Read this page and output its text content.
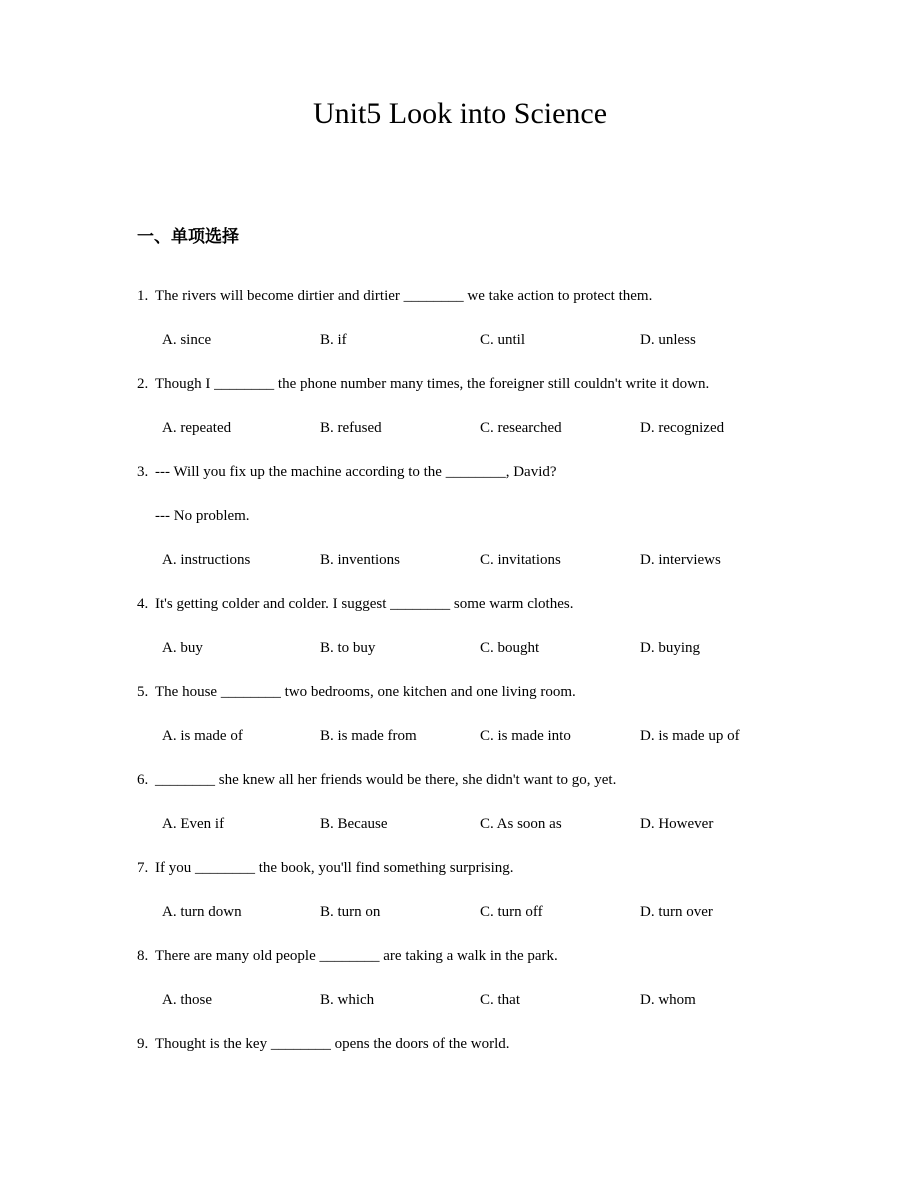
Unit5 Look into Science
一、单项选择
1. The rivers will become dirtier and dirtier ________ we take action to protect them.
A. since	B. if	C. until	D. unless
2. Though I ________ the phone number many times, the foreigner still couldn't write it down.
A. repeated	B. refused	C. researched	D. recognized
3. --- Will you fix up the machine according to the ________, David?
--- No problem.
A. instructions	B. inventions	C. invitations	D. interviews
4. It's getting colder and colder. I suggest ________ some warm clothes.
A. buy	B. to buy	C. bought	D. buying
5. The house ________ two bedrooms, one kitchen and one living room.
A. is made of	B. is made from	C. is made into	D. is made up of
6. ________ she knew all her friends would be there, she didn't want to go, yet.
A. Even if	B. Because	C. As soon as	D. However
7. If you ________ the book, you'll find something surprising.
A. turn down	B. turn on	C. turn off	D. turn over
8. There are many old people ________ are taking a walk in the park.
A. those	B. which	C. that	D. whom
9. Thought is the key ________ opens the doors of the world.
